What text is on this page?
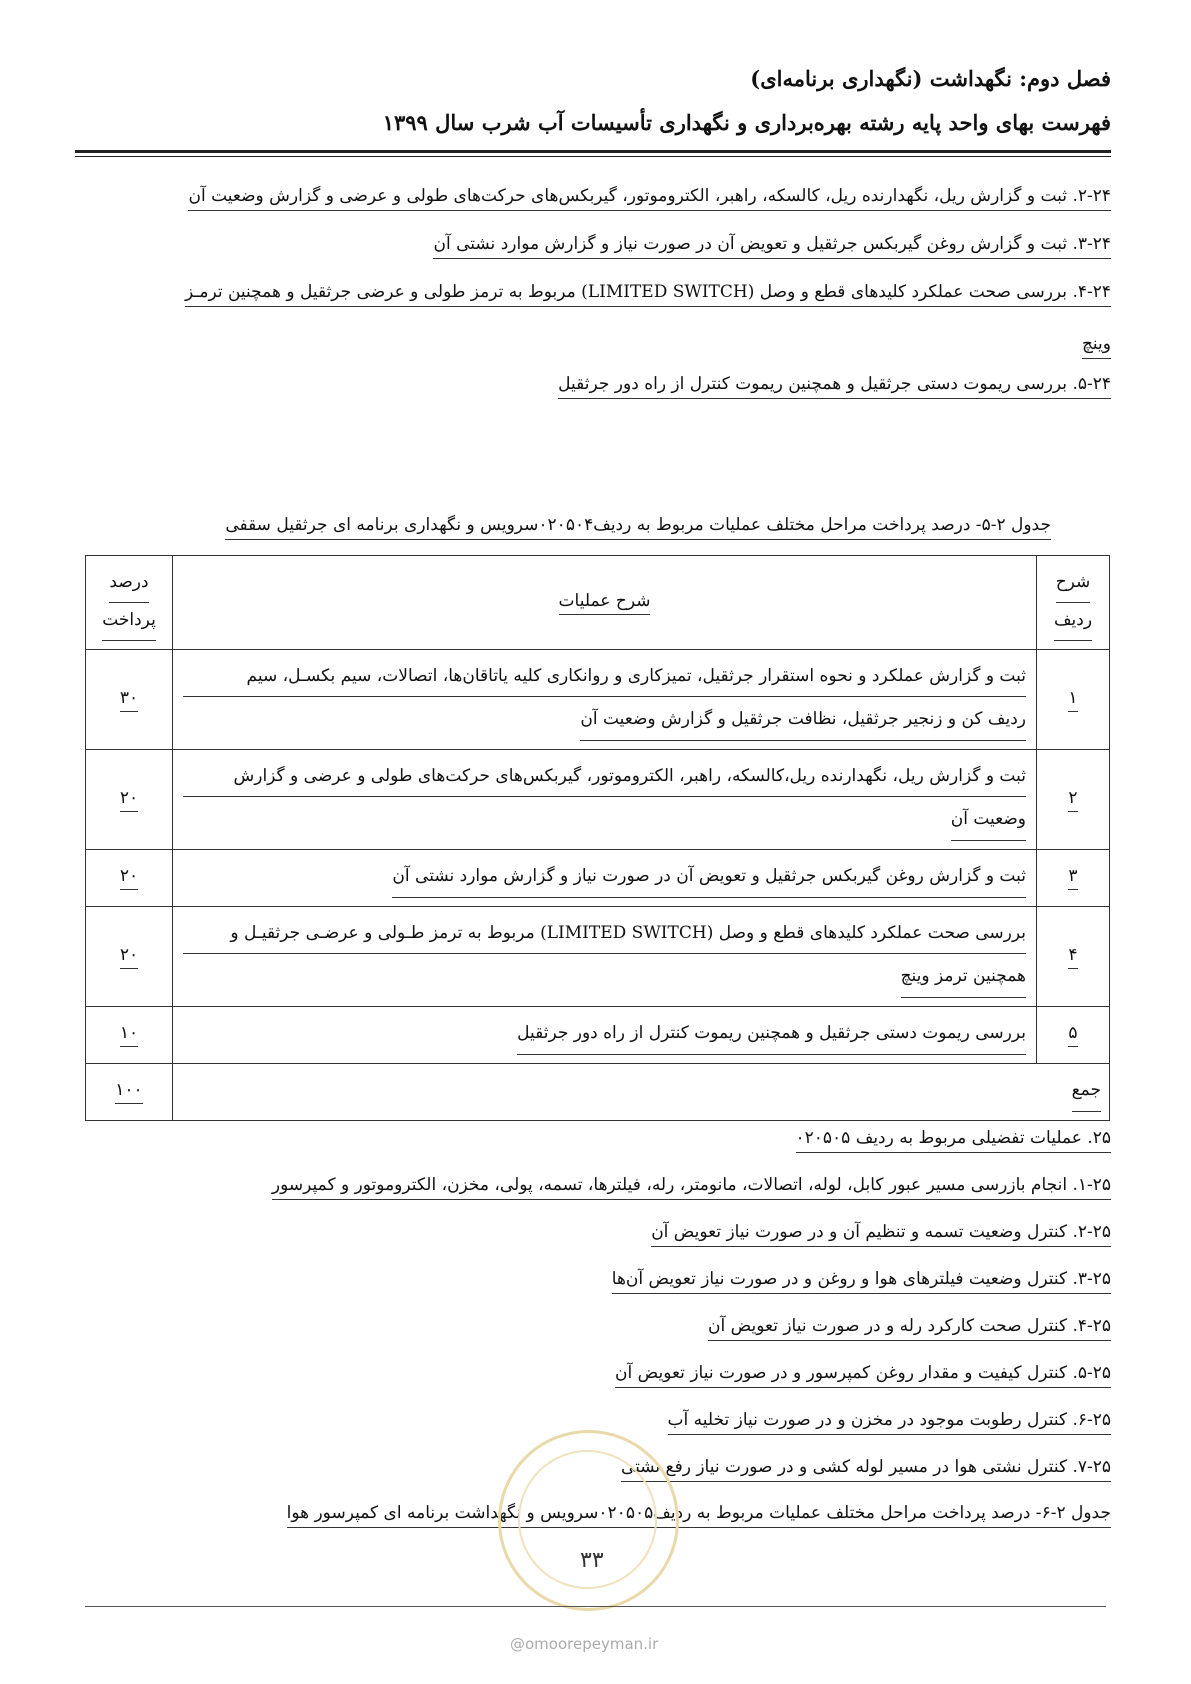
فصل دوم: نگهداشت (نگهداری برنامه‌ای)
فهرست بهای واحد پایه رشته بهره‌برداری و نگهداری تأسیسات آب شرب سال ۱۳۹۹
۲-۲۴. ثبت و گزارش ریل، نگهدارنده ریل، کالسکه، راهبر، الکتروموتور، گیربکس‌های حرکت‌های طولی و عرضی و گزارش وضعیت آن
۳-۲۴. ثبت و گزارش روغن گیربکس جرثقیل و تعویض آن در صورت نیاز و گزارش موارد نشتی آن
۴-۲۴. بررسی صحت عملکرد کلیدهای قطع و وصل (LIMITED SWITCH) مربوط به ترمز طولی و عرضی جرثقیل و همچنین ترمـز
وینچ
۵-۲۴. بررسی ریموت دستی جرثقیل و همچنین ریموت کنترل از راه دور جرثقیل
جدول ۲-۵- درصد پرداخت مراحل مختلف عملیات مربوط به ردیف۰۲۰۵۰۴سرویس و نگهداری برنامه ای جرثقیل سقفی
شرح
ردیف	شرح عملیات	درصد
پرداخت
۱	ثبت و گزارش عملکرد و نحوه استقرار جرثقیل، تمیزکاری و روانکاری کلیه یاتاقان‌ها، اتصالات، سیم بکسـل، سیم
ردیف کن و زنجیر جرثقیل، نظافت جرثقیل و گزارش وضعیت آن	۳۰
۲	ثبت و گزارش ریل، نگهدارنده ریل،کالسکه، راهبر، الکتروموتور، گیربکس‌های حرکت‌های طولی و عرضی و گزارش
وضعیت آن	۲۰
۳	ثبت و گزارش روغن گیربکس جرثقیل و تعویض آن در صورت نیاز و گزارش موارد نشتی آن	۲۰
۴	بررسی صحت عملکرد کلیدهای قطع و وصل (LIMITED SWITCH) مربوط به ترمز طـولی و عرضـی جرثقیـل و
همچنین ترمز وینچ	۲۰
۵	بررسی ریموت دستی جرثقیل و همچنین ریموت کنترل از راه دور جرثقیل	۱۰
جمع		۱۰۰
۲۵. عملیات تفضیلی مربوط به ردیف ۰۲۰۵۰۵
۱-۲۵. انجام بازرسی مسیر عبور کابل، لوله، اتصالات، مانومتر، رله، فیلترها، تسمه، پولی، مخزن، الکتروموتور و کمپرسور
۲-۲۵. کنترل وضعیت تسمه و تنظیم آن و در صورت نیاز تعویض آن
۳-۲۵. کنترل وضعیت فیلترهای هوا و روغن و در صورت نیاز تعویض آن‌ها
۴-۲۵. کنترل صحت کارکرد رله و در صورت نیاز تعویض آن
۵-۲۵. کنترل کیفیت و مقدار روغن کمپرسور و در صورت نیاز تعویض آن
۶-۲۵. کنترل رطوبت موجود در مخزن و در صورت نیاز تخلیه آب
۷-۲۵. کنترل نشتی هوا در مسیر لوله کشی و در صورت نیاز رفع نشتی
جدول ۲-۶- درصد پرداخت مراحل مختلف عملیات مربوط به ردیف۰۲۰۵۰۵سرویس و نگهداشت برنامه ای کمپرسور هوا
۳۳
@omoorepeyman.ir
